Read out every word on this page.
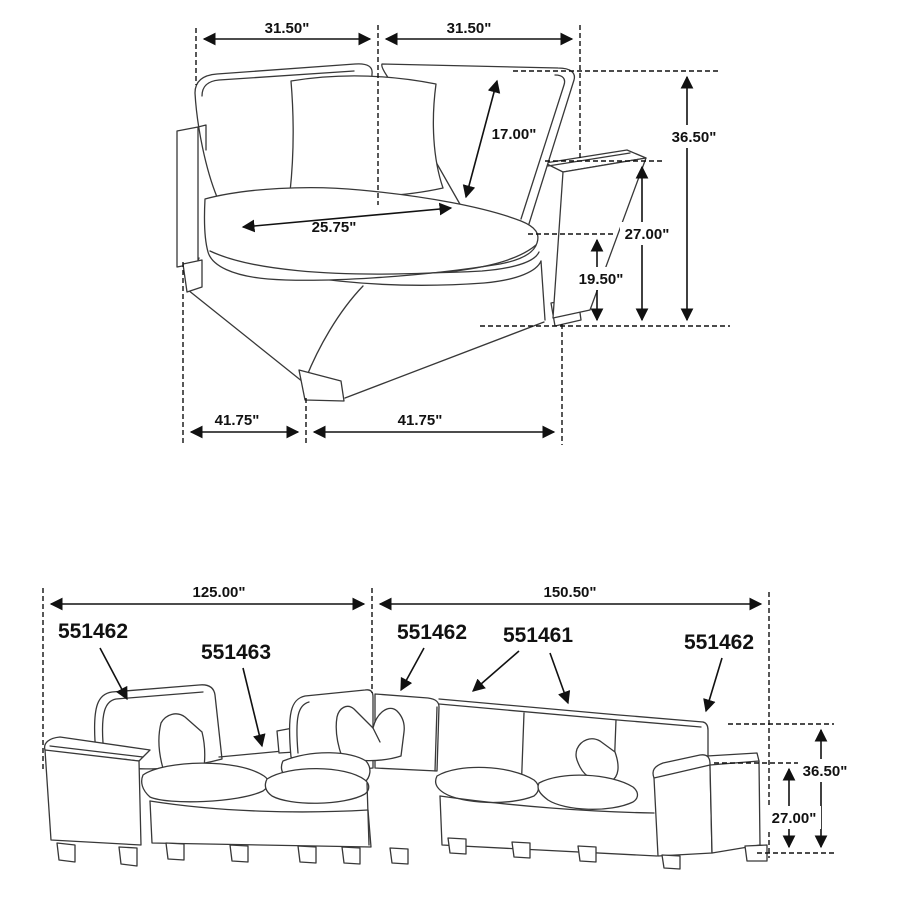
31.50"	31.50"
17.00"
25.75"
36.50"
27.00"
19.50"
41.75"	41.75"
125.00"	150.50"
551462
551463
551462 551461	551462
36.50"
27.00"
